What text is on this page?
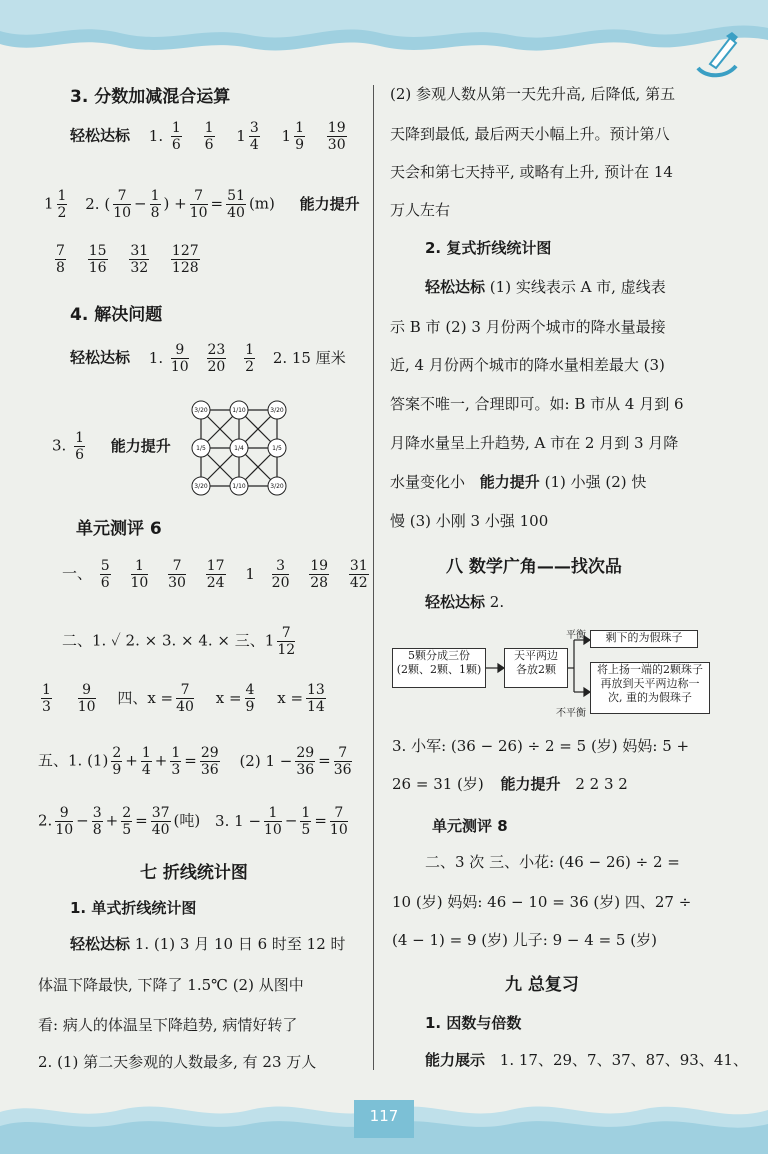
117
3. 分数加减混合运算
轻松达标 1. $\frac{1}{6}$
$\frac{1}{6} 1 \frac{3}{4} 1 \frac{1}{9}$
$\frac{19}{30}$
$1 \frac{1}{2} 2$. ( $\frac{7}{10} - \frac{1}{8}$ ) + $\frac{7}{10} = \frac{51}{40} (m)$ 能力提升
$\frac{7}{8}$
$\frac{15}{16}$
$\frac{31}{32}$
$\frac{127}{128}$
4. 解决问题
轻松达标 1. $\frac{9}{10}$
$\frac{23}{20}$
$\frac{1}{2} 2$. 15 厘米
3/20	1/10	3/20
1/5	1/4	1/5
3/20	1/10	3/20
3. $\frac{1}{6}$ 能力提升
单元测评 6
一、 $\frac{5}{6}$
$\frac{1}{10}$
$\frac{7}{30}$
$\frac{17}{24} 1 \frac{3}{20}$
$\frac{19}{28}$
$\frac{31}{42}$
二、1. ✓ 2. × 3. × 4. × 三、$1 \frac{7}{12}$
$\frac{1}{3}$
$\frac{9}{10}$ 四、$x = \frac{7}{40}$ $x = \frac{4}{9}$ $x = \frac{13}{14}$
五、1. $(1) \frac{2}{9} + \frac{1}{4} + \frac{1}{3} = \frac{29}{36} (2) 1 - \frac{29}{36} = \frac{7}{36}$
2. $\frac{9}{10} - \frac{3}{8} + \frac{2}{5} = \frac{37}{40}$ (吨) 3. $1 - \frac{1}{10} - \frac{1}{5} = \frac{7}{10}$
七 折线统计图
1. 单式折线统计图
轻松达标 1. (1) 3 月 10 日 6 时至 12 时
体温下降最快, 下降了 1.5℃ (2) 从图中
看: 病人的体温呈下降趋势, 病情好转了
2. (1) 第二天参观的人数最多, 有 23 万人
(2) 参观人数从第一天先升高, 后降低, 第五
天降到最低, 最后两天小幅上升。预计第八
天会和第七天持平, 或略有上升, 预计在 14
万人左右
2. 复式折线统计图
轻松达标 (1) 实线表示 A 市, 虚线表
示 B 市 (2) 3 月份两个城市的降水量最接
近, 4 月份两个城市的降水量相差最大 (3)
答案不唯一, 合理即可。如: B 市从 4 月到 6
月降水量呈上升趋势, A 市在 2 月到 3 月降
水量变化小 能力提升 (1) 小强 (2) 快
慢 (3) 小刚 3 小强 100
八 数学广角——找次品
轻松达标 2.
5颗分成三份
(2颗、2颗、1颗)
天平两边
各放2颗
平衡
不平衡
剩下的为假珠子
将上扬一端的2颗珠子
再放到天平两边称一
次, 重的为假珠子
3. 小军: (36 − 26) ÷ 2 = 5 (岁) 妈妈: 5 +
26 = 31 (岁) 能力提升 2 2 3 2
单元测评 8
二、3 次 三、小花: (46 − 26) ÷ 2 =
10 (岁) 妈妈: 46 − 10 = 36 (岁) 四、27 ÷
(4 − 1) = 9 (岁) 儿子: 9 − 4 = 5 (岁)
九 总复习
1. 因数与倍数
能力展示 1. 17、29、7、37、87、93、41、
